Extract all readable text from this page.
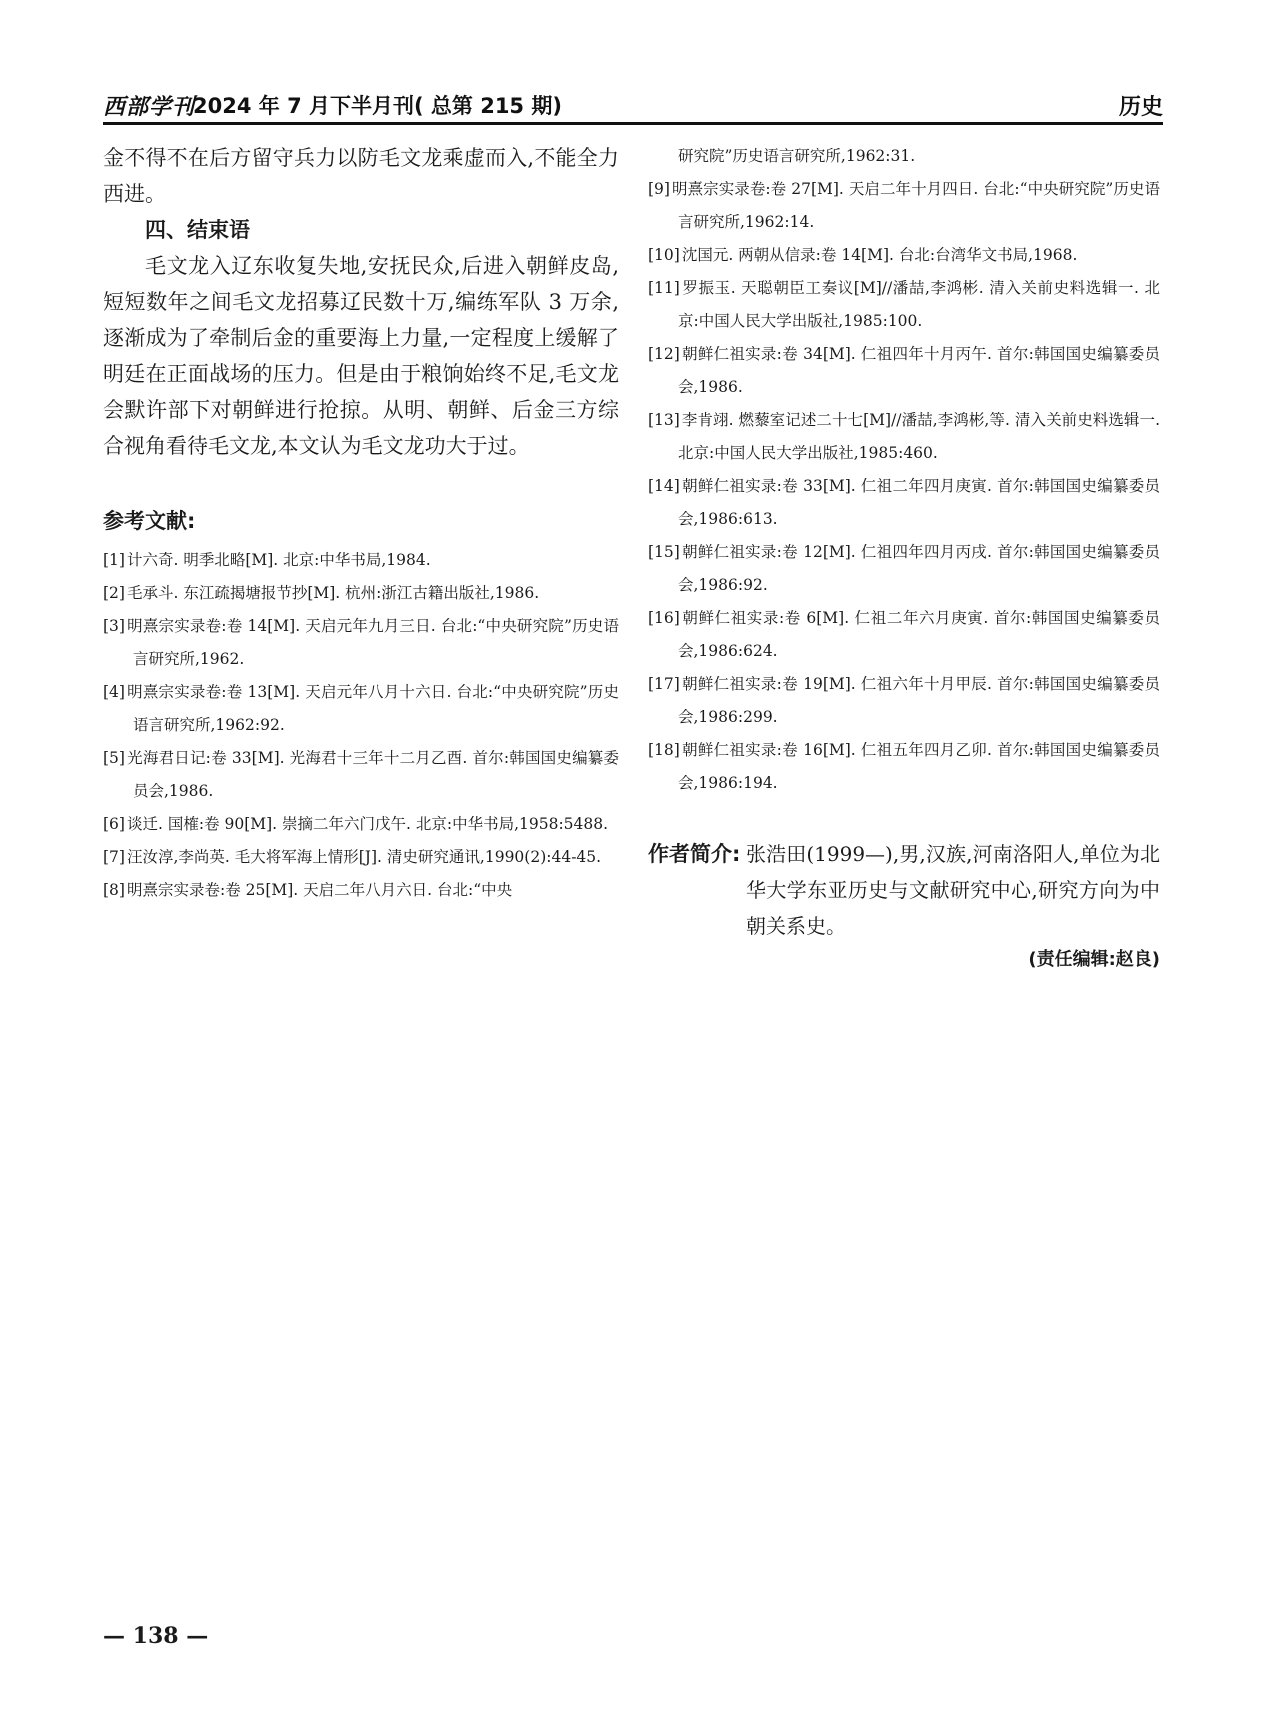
西部学刊
2024 年 7 月下半月刊( 总第 215 期)	历史

金不得不在后方留守兵力以防毛文龙乘虚而入,不能全力西进。

四、结束语

毛文龙入辽东收复失地,安抚民众,后进入朝鲜皮岛,短短数年之间毛文龙招募辽民数十万,编练军队 3 万余,逐渐成为了牵制后金的重要海上力量,一定程度上缓解了明廷在正面战场的压力。但是由于粮饷始终不足,毛文龙会默许部下对朝鲜进行抢掠。从明、朝鲜、后金三方综合视角看待毛文龙,本文认为毛文龙功大于过。

参考文献:

[1] 计六奇. 明季北略[M]. 北京:中华书局,1984.

[2] 毛承斗. 东江疏揭塘报节抄[M]. 杭州:浙江古籍出版社,1986.

[3] 明熹宗实录卷:卷 14[M]. 天启元年九月三日. 台北:“中央研究院”历史语言研究所,1962.

[4] 明熹宗实录卷:卷 13[M]. 天启元年八月十六日. 台北:“中央研究院”历史语言研究所,1962:92.

[5] 光海君日记:卷 33[M]. 光海君十三年十二月乙酉. 首尔:韩国国史编纂委员会,1986.

[6] 谈迁. 国榷:卷 90[M]. 崇摘二年六门戊午. 北京:中华书局,1958:5488.

[7] 汪汝淳,李尚英. 毛大将军海上情形[J]. 清史研究通讯,1990(2):44-45.

[8] 明熹宗实录卷:卷 25[M]. 天启二年八月六日. 台北:“中央

研究院”历史语言研究所,1962:31.

[9] 明熹宗实录卷:卷 27[M]. 天启二年十月四日. 台北:“中央研究院”历史语言研究所,1962:14.

[10] 沈国元. 两朝从信录:卷 14[M]. 台北:台湾华文书局,1968.

[11] 罗振玉. 天聪朝臣工奏议[M]//潘喆,李鸿彬. 清入关前史料选辑一. 北京:中国人民大学出版社,1985:100.

[12] 朝鲜仁祖实录:卷 34[M]. 仁祖四年十月丙午. 首尔:韩国国史编纂委员会,1986.

[13] 李肯翊. 燃藜室记述二十七[M]//潘喆,李鸿彬,等. 清入关前史料选辑一. 北京:中国人民大学出版社,1985:460.

[14] 朝鲜仁祖实录:卷 33[M]. 仁祖二年四月庚寅. 首尔:韩国国史编纂委员会,1986:613.

[15] 朝鲜仁祖实录:卷 12[M]. 仁祖四年四月丙戌. 首尔:韩国国史编纂委员会,1986:92.

[16] 朝鲜仁祖实录:卷 6[M]. 仁祖二年六月庚寅. 首尔:韩国国史编纂委员会,1986:624.

[17] 朝鲜仁祖实录:卷 19[M]. 仁祖六年十月甲辰. 首尔:韩国国史编纂委员会,1986:299.

[18] 朝鲜仁祖实录:卷 16[M]. 仁祖五年四月乙卯. 首尔:韩国国史编纂委员会,1986:194.

作者简介: 张浩田(1999—),男,汉族,河南洛阳人,单位为北华大学东亚历史与文献研究中心,研究方向为中朝关系史。

(责任编辑:赵良)

— 138 —
